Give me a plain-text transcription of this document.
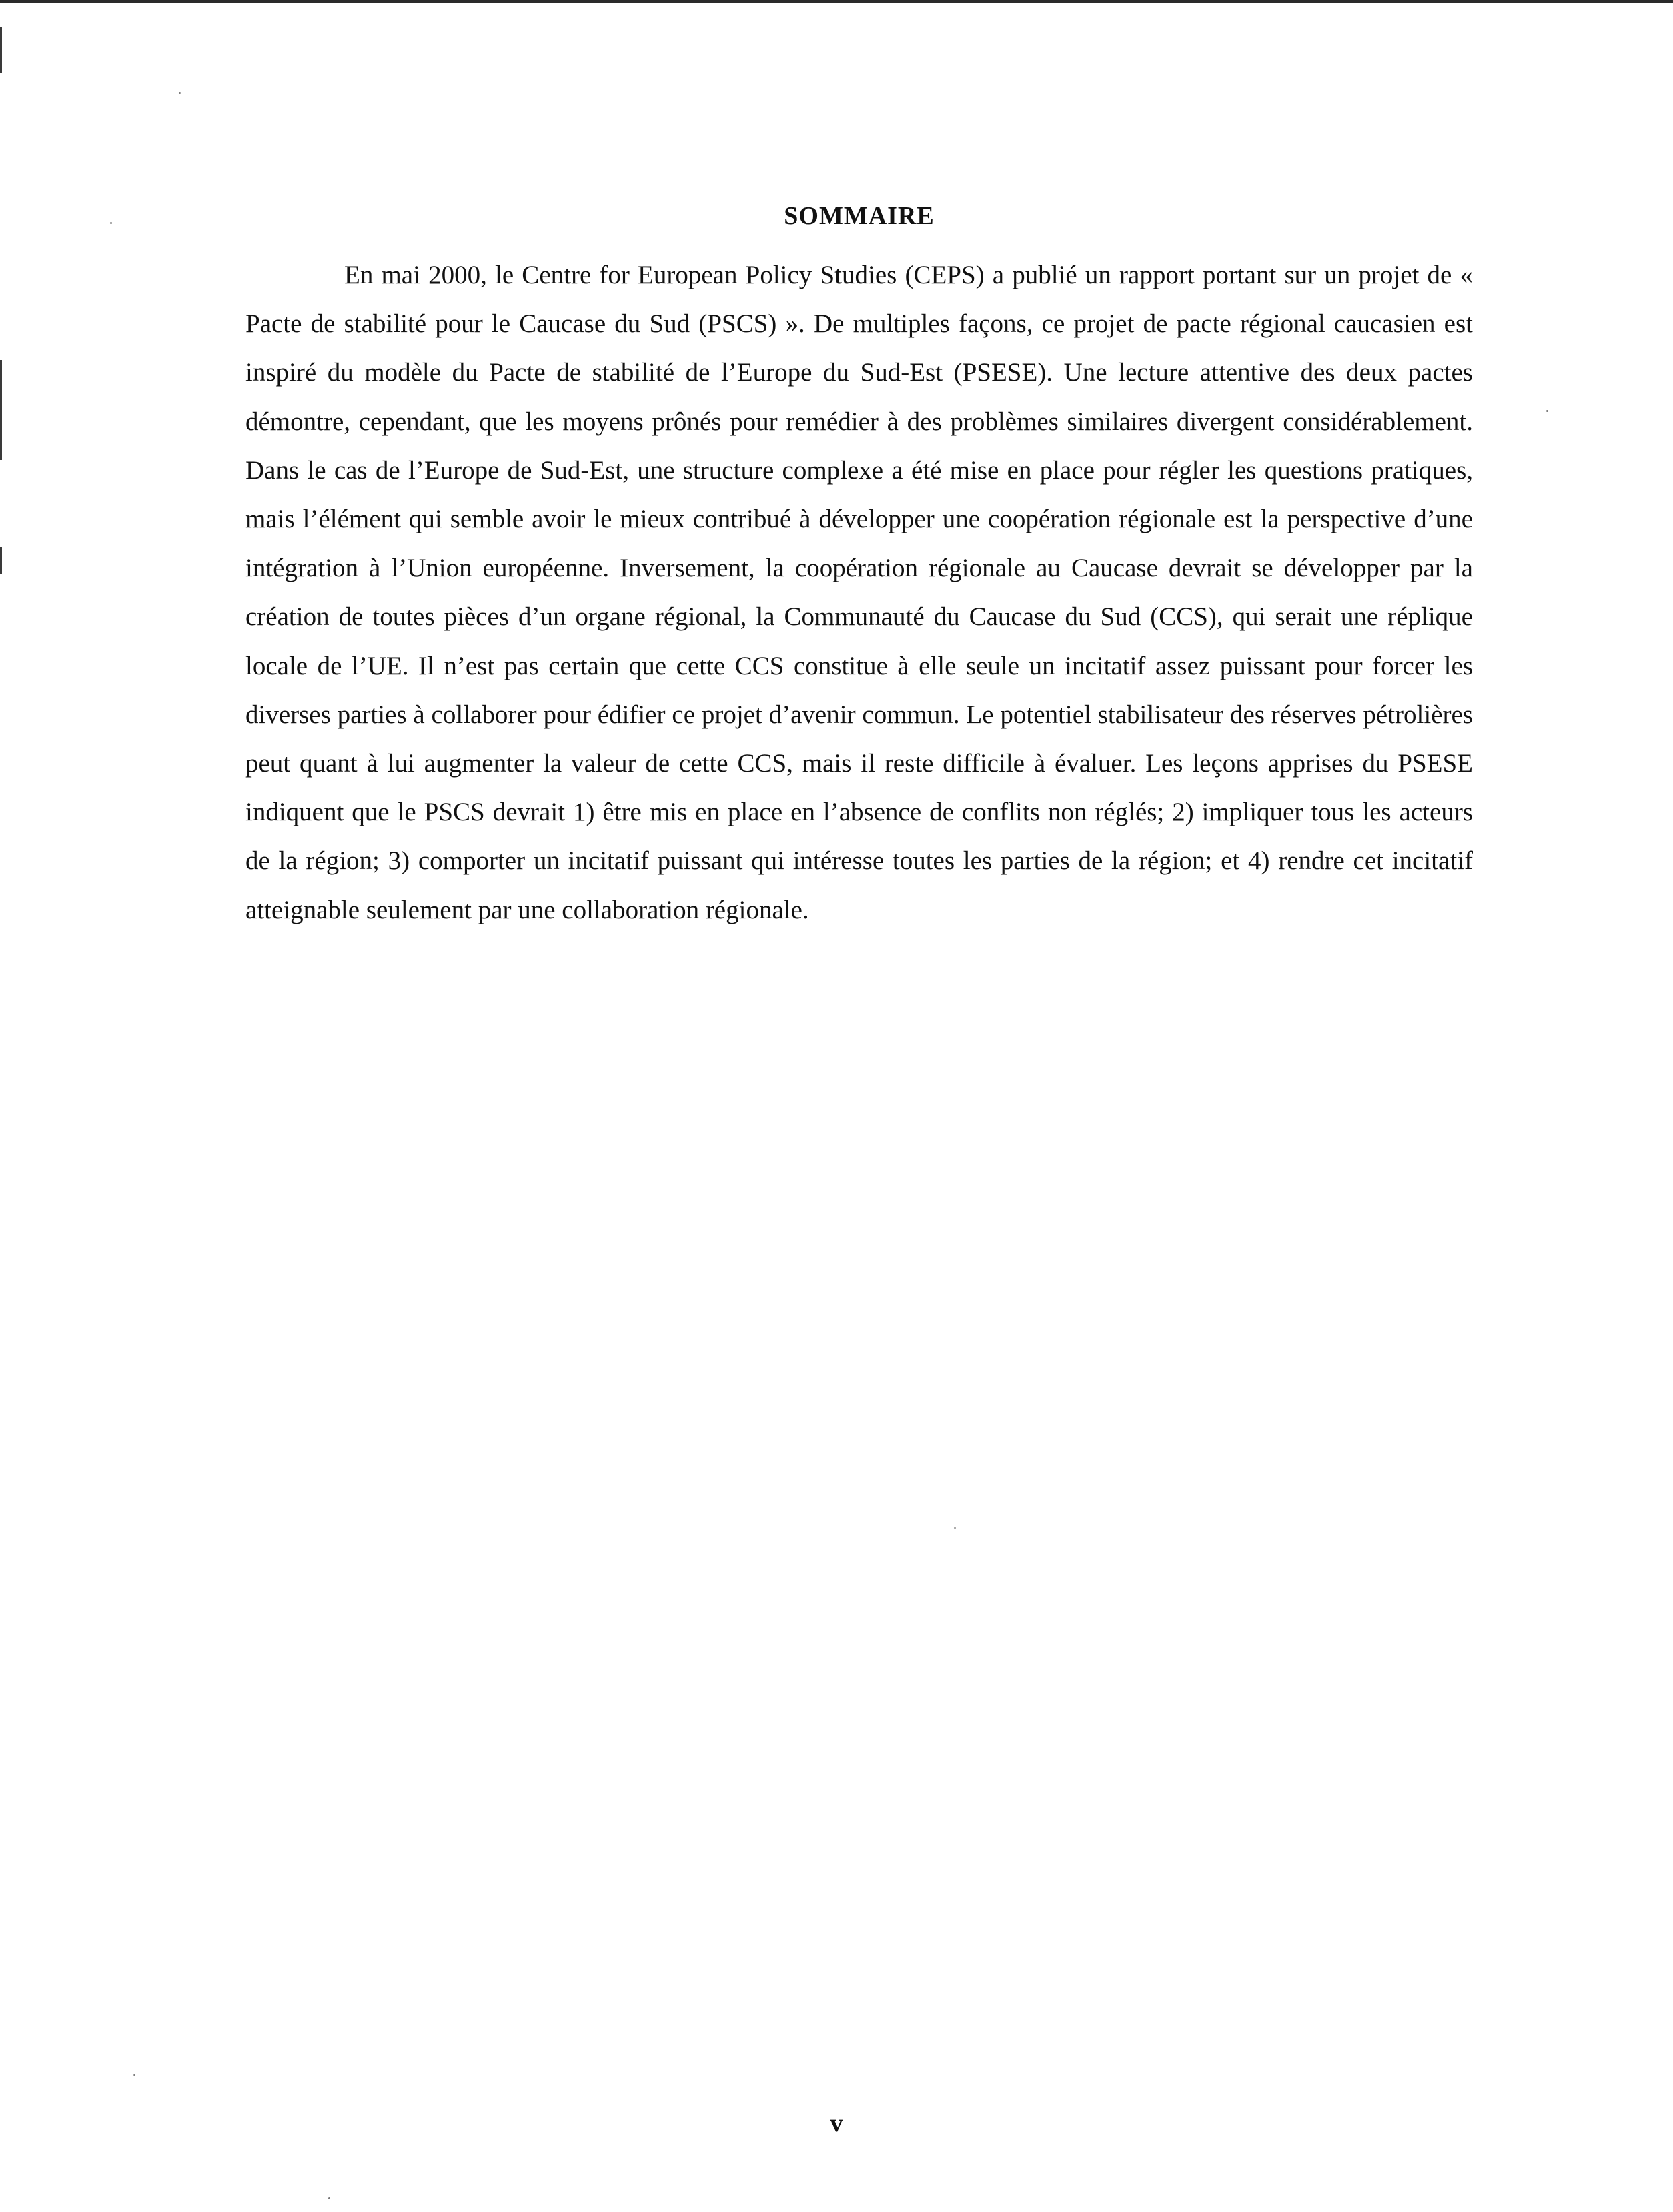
SOMMAIRE

En mai 2000, le Centre for European Policy Studies (CEPS) a publié un rapport portant sur un projet de « Pacte de stabilité pour le Caucase du Sud (PSCS) ». De multiples façons, ce projet de pacte régional caucasien est inspiré du modèle du Pacte de stabilité de l’Europe du Sud-Est (PSESE). Une lecture attentive des deux pactes démontre, cependant, que les moyens prônés pour remédier à des problèmes similaires divergent considérablement. Dans le cas de l’Europe de Sud-Est, une structure complexe a été mise en place pour régler les questions pratiques, mais l’élément qui semble avoir le mieux contribué à développer une coopération régionale est la perspective d’une intégration à l’Union européenne. Inversement, la coopération régionale au Caucase devrait se développer par la création de toutes pièces d’un organe régional, la Communauté du Caucase du Sud (CCS), qui serait une réplique locale de l’UE. Il n’est pas certain que cette CCS constitue à elle seule un incitatif assez puissant pour forcer les diverses parties à collaborer pour édifier ce projet d’avenir commun. Le potentiel stabilisateur des réserves pétrolières peut quant à lui augmenter la valeur de cette CCS, mais il reste difficile à évaluer. Les leçons apprises du PSESE indiquent que le PSCS devrait 1) être mis en place en l’absence de conflits non réglés; 2) impliquer tous les acteurs de la région; 3) comporter un incitatif puissant qui intéresse toutes les parties de la région; et 4) rendre cet incitatif atteignable seulement par une collaboration régionale.

v
